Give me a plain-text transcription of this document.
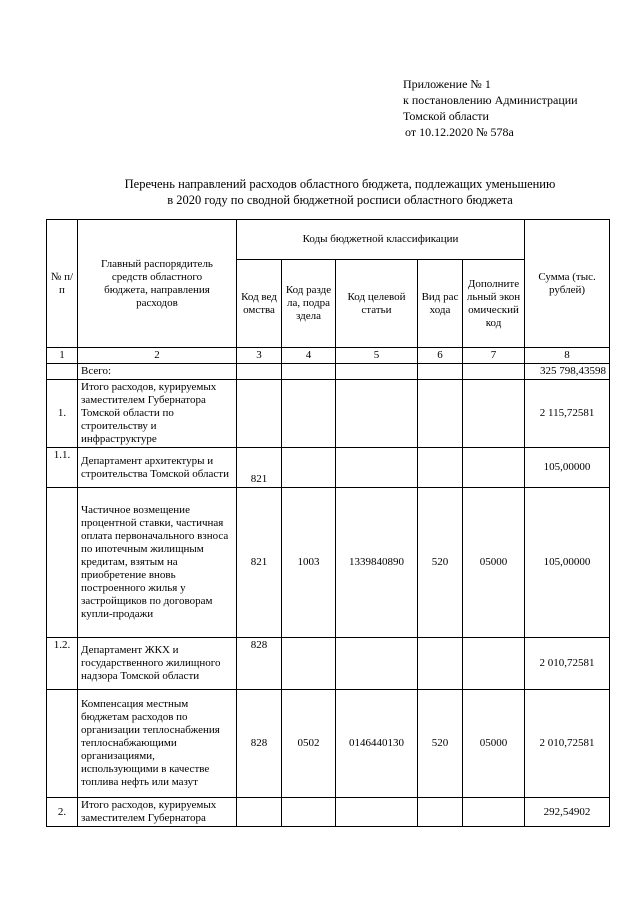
Приложение № 1
к постановлению Администрации
Томской области
от 10.12.2020 № 578а
Перечень направлений расходов областного бюджета, подлежащих уменьшению
в 2020 году по сводной бюджетной росписи областного бюджета
№ п/п	Главный распорядитель средств областного бюджета, направления расходов	Коды бюджетной классификации					Сумма (тыс. рублей)
		Код ведомства	Код раздела, подраздела	Код целевой статьи	Вид расхода	Дополнительный экономический код	
1	2	3	4	5	6	7	8
	Всего:						325 798,43598
1.	Итого расходов, курируемых заместителем Губернатора Томской области по строительству и инфраструктуре						2 115,72581
1.1.	Департамент архитектуры и строительства Томской области	821					105,00000
	Частичное возмещение процентной ставки, частичная оплата первоначального взноса по ипотечным жилищным кредитам, взятым на приобретение вновь построенного жилья у застройщиков по договорам купли-продажи	821	1003	1339840890	520	05000	105,00000
1.2.	Департамент ЖКХ и государственного жилищного надзора Томской области	828					2 010,72581
	Компенсация местным бюджетам расходов по организации теплоснабжения теплоснабжающими организациями, использующими в качестве топлива нефть или мазут	828	0502	0146440130	520	05000	2 010,72581
2.	Итого расходов, курируемых заместителем Губернатора						292,54902
